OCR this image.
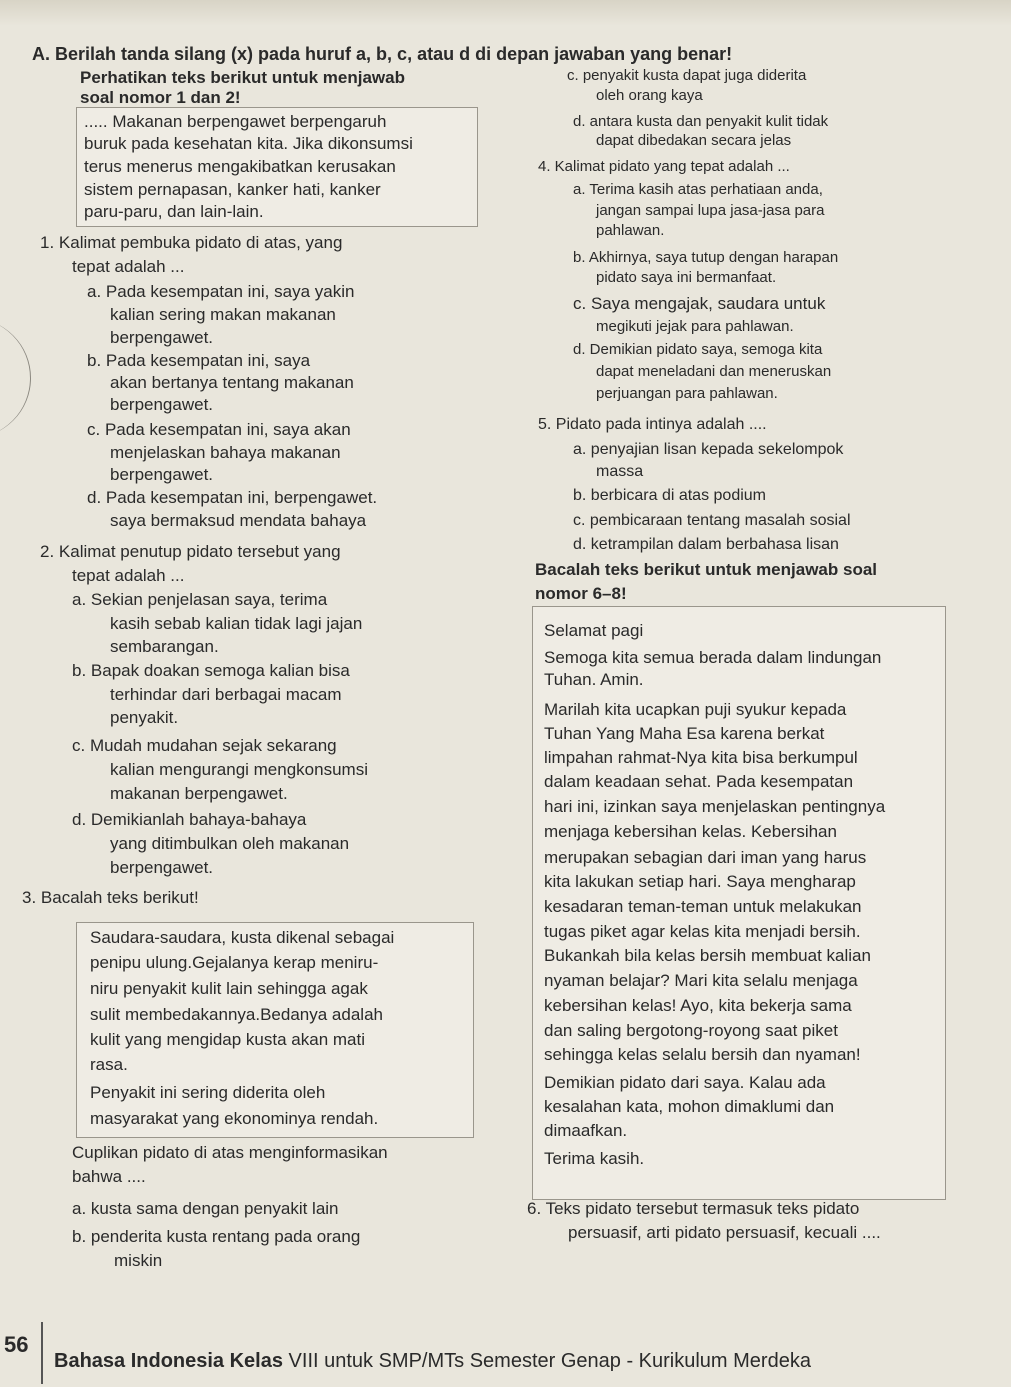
A. Berilah tanda silang (x) pada huruf a, b, c, atau d di depan jawaban yang benar!
Perhatikan teks berikut untuk menjawab
soal nomor 1 dan 2!
..... Makanan berpengawet berpengaruh
buruk pada kesehatan kita. Jika dikonsumsi
terus menerus mengakibatkan kerusakan
sistem pernapasan, kanker hati, kanker
paru-paru, dan lain-lain.
1. Kalimat pembuka pidato di atas, yang
tepat adalah ...
a. Pada kesempatan ini, saya yakin
kalian sering makan makanan
berpengawet.
b. Pada kesempatan ini, saya
akan bertanya tentang makanan
berpengawet.
c. Pada kesempatan ini, saya akan
menjelaskan bahaya makanan
berpengawet.
d. Pada kesempatan ini, berpengawet.
saya bermaksud mendata bahaya
2. Kalimat penutup pidato tersebut yang
tepat adalah ...
a. Sekian penjelasan saya, terima
kasih sebab kalian tidak lagi jajan
sembarangan.
b. Bapak doakan semoga kalian bisa
terhindar dari berbagai macam
penyakit.
c. Mudah mudahan sejak sekarang
kalian mengurangi mengkonsumsi
makanan berpengawet.
d. Demikianlah bahaya-bahaya
yang ditimbulkan oleh makanan
berpengawet.
3. Bacalah teks berikut!
Saudara-saudara, kusta dikenal sebagai
penipu ulung.Gejalanya kerap meniru-
niru penyakit kulit lain sehingga agak
sulit membedakannya.Bedanya adalah
kulit yang mengidap kusta akan mati
rasa.
Penyakit ini sering diderita oleh
masyarakat yang ekonominya rendah.
Cuplikan pidato di atas menginformasikan
bahwa ....
a. kusta sama dengan penyakit lain
b. penderita kusta rentang pada orang
miskin
c. penyakit kusta dapat juga diderita
oleh orang kaya
d. antara kusta dan penyakit kulit tidak
dapat dibedakan secara jelas
4. Kalimat pidato yang tepat adalah ...
a. Terima kasih atas perhatiaan anda,
jangan sampai lupa jasa-jasa para
pahlawan.
b. Akhirnya, saya tutup dengan harapan
pidato saya ini bermanfaat.
c. Saya mengajak, saudara untuk
megikuti jejak para pahlawan.
d. Demikian pidato saya, semoga kita
dapat meneladani dan meneruskan
perjuangan para pahlawan.
5. Pidato pada intinya adalah ....
a. penyajian lisan kepada sekelompok
massa
b. berbicara di atas podium
c. pembicaraan tentang masalah sosial
d. ketrampilan dalam berbahasa lisan
Bacalah teks berikut untuk menjawab soal
nomor 6–8!
Selamat pagi
Semoga kita semua berada dalam lindungan
Tuhan. Amin.
Marilah kita ucapkan puji syukur kepada
Tuhan Yang Maha Esa karena berkat
limpahan rahmat-Nya kita bisa berkumpul
dalam keadaan sehat. Pada kesempatan
hari ini, izinkan saya menjelaskan pentingnya
menjaga kebersihan kelas. Kebersihan
merupakan sebagian dari iman yang harus
kita lakukan setiap hari. Saya mengharap
kesadaran teman-teman untuk melakukan
tugas piket agar kelas kita menjadi bersih.
Bukankah bila kelas bersih membuat kalian
nyaman belajar? Mari kita selalu menjaga
kebersihan kelas! Ayo, kita bekerja sama
dan saling bergotong-royong saat piket
sehingga kelas selalu bersih dan nyaman!
Demikian pidato dari saya. Kalau ada
kesalahan kata, mohon dimaklumi dan
dimaafkan.
Terima kasih.
6. Teks pidato tersebut termasuk teks pidato
persuasif, arti pidato persuasif, kecuali ....
56
Bahasa Indonesia Kelas VIII untuk SMP/MTs Semester Genap - Kurikulum Merdeka
